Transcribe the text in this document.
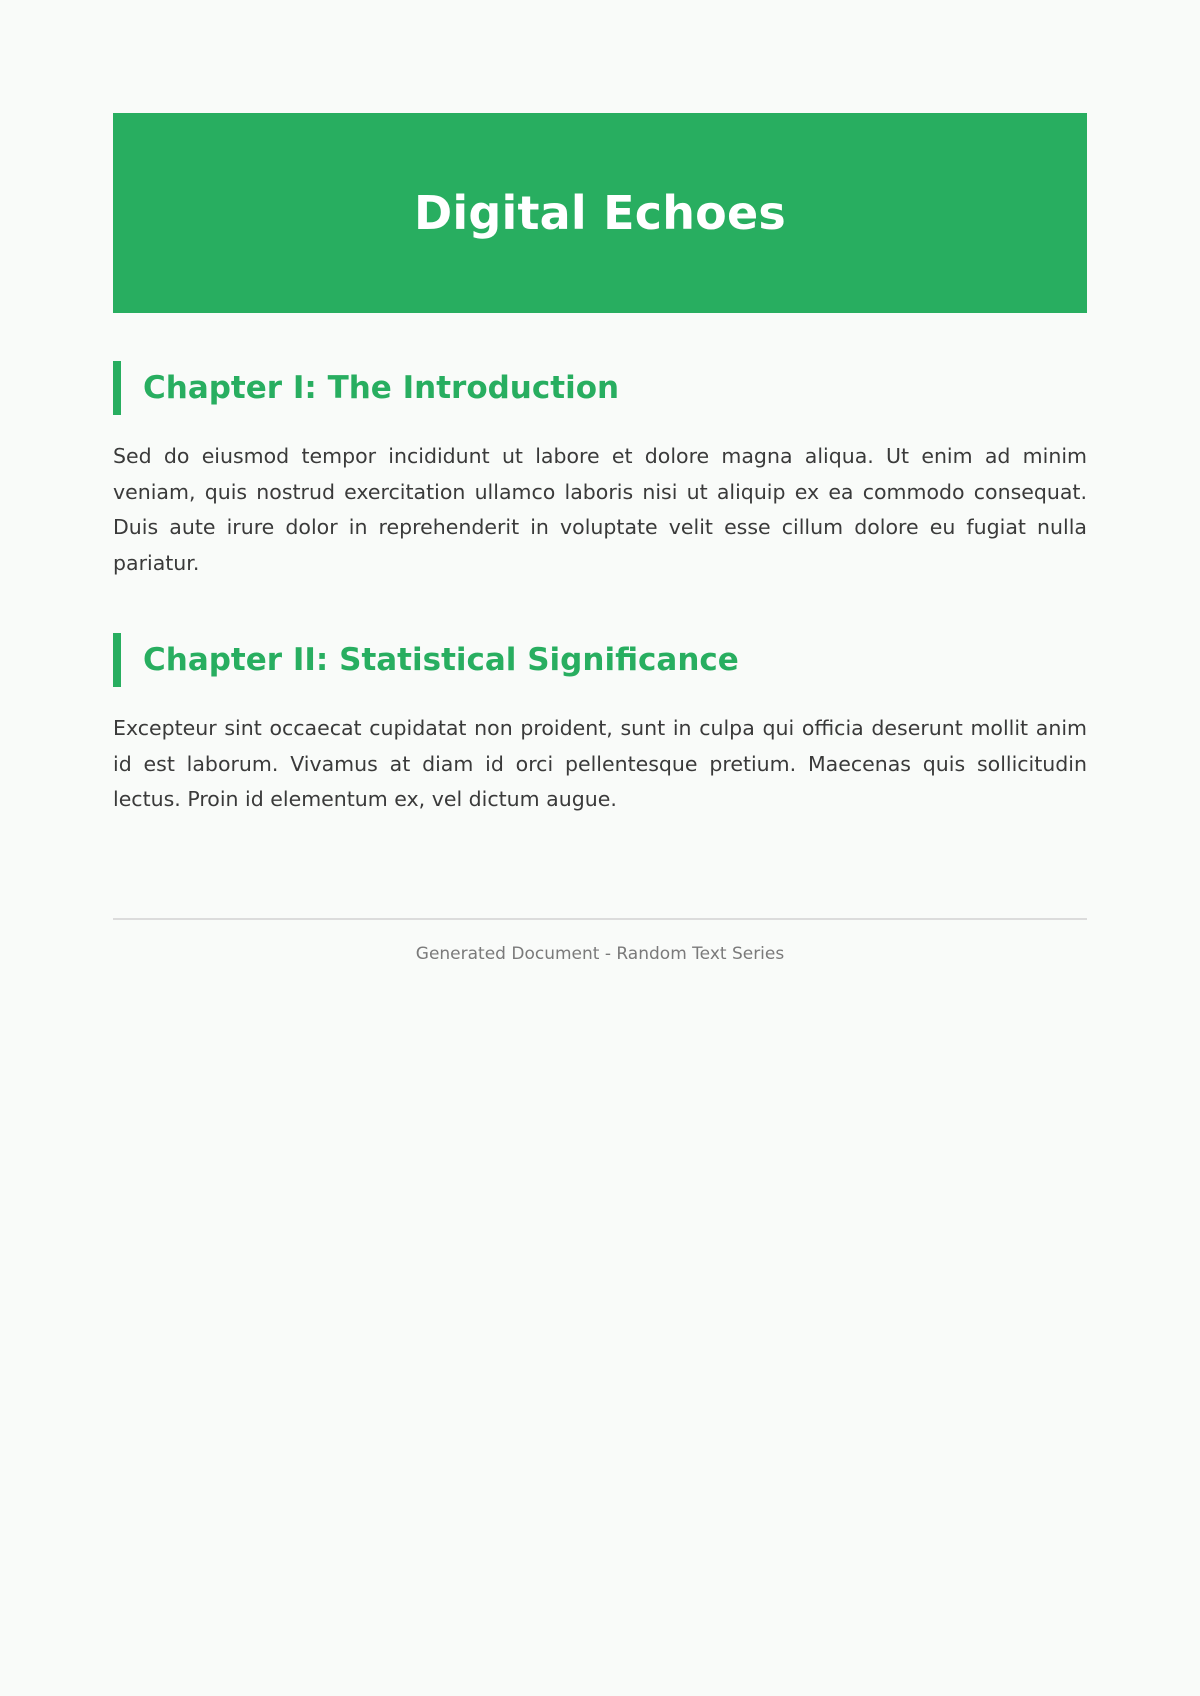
Digital Echoes
Chapter I: The Introduction

Sed do eiusmod tempor incididunt ut labore et dolore magna aliqua. Ut enim ad minim veniam, quis nostrud exercitation ullamco laboris nisi ut aliquip ex ea commodo consequat. Duis aute irure dolor in reprehenderit in voluptate velit esse cillum dolore eu fugiat nulla pariatur.

Chapter II: Statistical Significance

Excepteur sint occaecat cupidatat non proident, sunt in culpa qui officia deserunt mollit anim id est laborum. Vivamus at diam id orci pellentesque pretium. Maecenas quis sollicitudin lectus. Proin id elementum ex, vel dictum augue.

Generated Document - Random Text Series
